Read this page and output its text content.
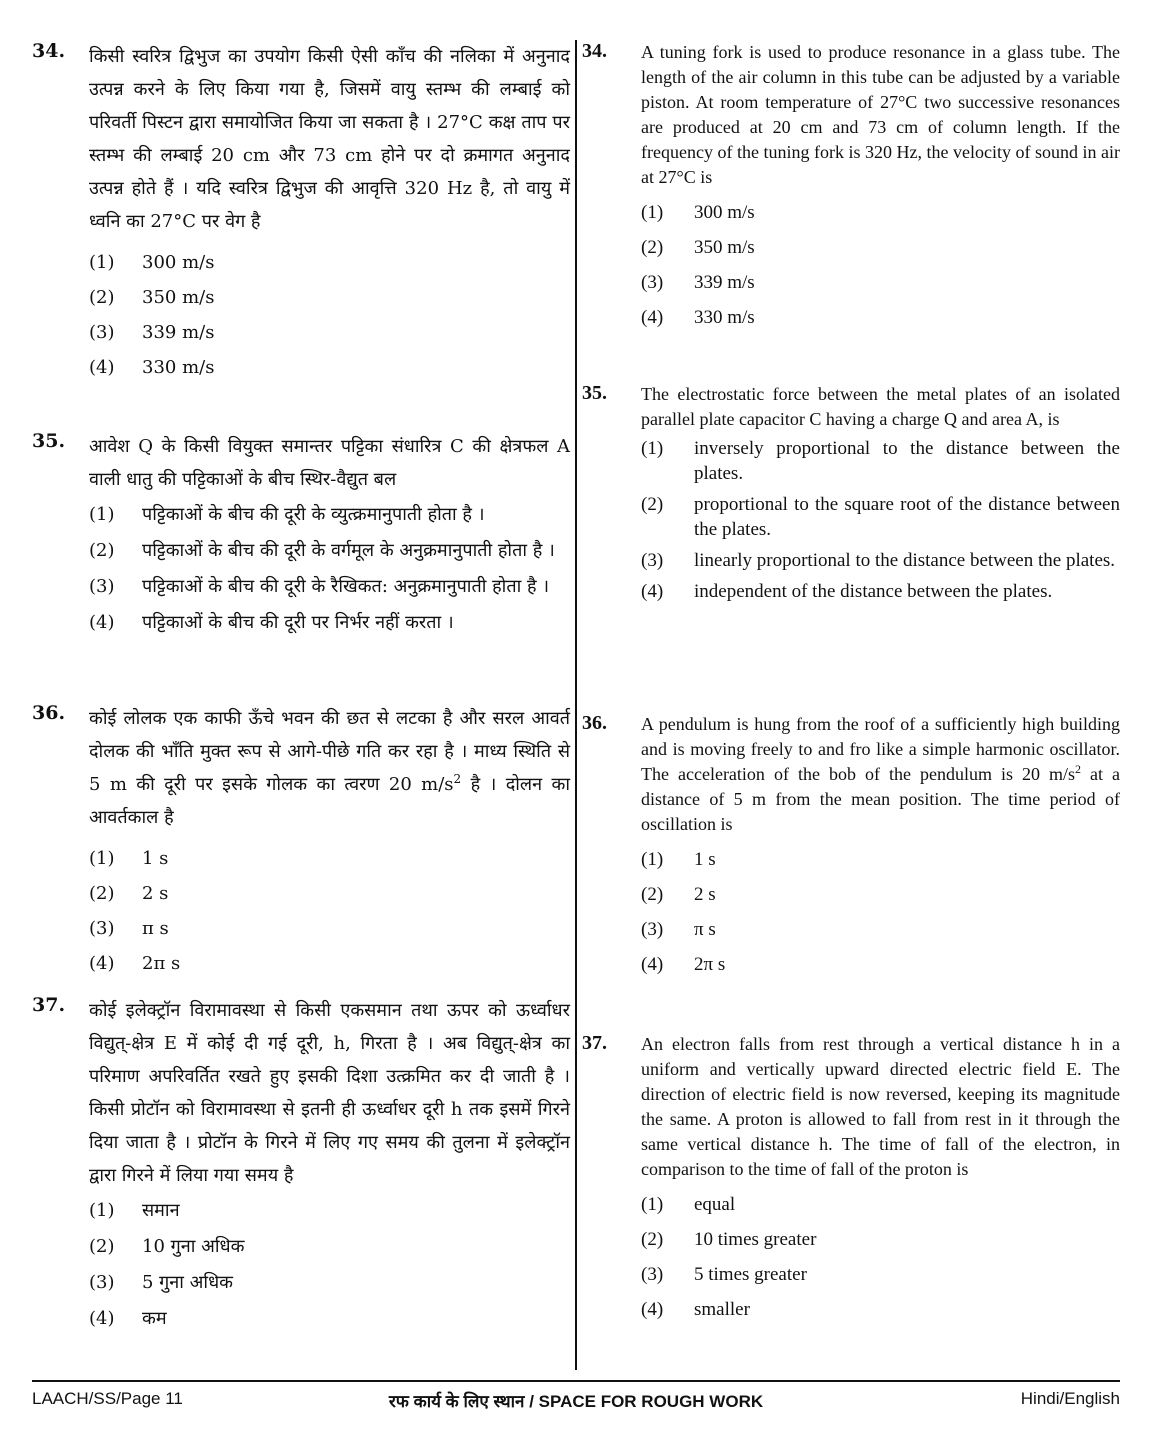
34. किसी स्वरित्र द्विभुज का उपयोग किसी ऐसी काँच की नलिका में अनुनाद उत्पन्न करने के लिए किया गया है, जिसमें वायु स्तम्भ की लम्बाई को परिवर्ती पिस्टन द्वारा समायोजित किया जा सकता है । 27°C कक्ष ताप पर स्तम्भ की लम्बाई 20 cm और 73 cm होने पर दो क्रमागत अनुनाद उत्पन्न होते हैं । यदि स्वरित्र द्विभुज की आवृत्ति 320 Hz है, तो वायु में ध्वनि का 27°C पर वेग है
(1)	300 m/s
(2)	350 m/s
(3)	339 m/s
(4)	330 m/s
35. आवेश Q के किसी वियुक्त समान्तर पट्टिका संधारित्र C की क्षेत्रफल A वाली धातु की पट्टिकाओं के बीच स्थिर-वैद्युत बल
(1)	पट्टिकाओं के बीच की दूरी के व्युत्क्रमानुपाती होता है ।
(2)	पट्टिकाओं के बीच की दूरी के वर्गमूल के अनुक्रमानुपाती होता है ।
(3)	पट्टिकाओं के बीच की दूरी के रैखिकत: अनुक्रमानुपाती होता है ।
(4)	पट्टिकाओं के बीच की दूरी पर निर्भर नहीं करता ।
36. कोई लोलक एक काफी ऊँचे भवन की छत से लटका है और सरल आवर्त दोलक की भाँति मुक्त रूप से आगे-पीछे गति कर रहा है । माध्य स्थिति से 5 m की दूरी पर इसके गोलक का त्वरण 20 $m/s^2$ है । दोलन का आवर्तकाल है
(1)	1 s
(2)	2 s
(3)	π s
(4)	2π s
37. कोई इलेक्ट्रॉन विरामावस्था से किसी एकसमान तथा ऊपर को ऊर्ध्वाधर विद्युत्-क्षेत्र E में कोई दी गई दूरी, h, गिरता है । अब विद्युत्-क्षेत्र का परिमाण अपरिवर्तित रखते हुए इसकी दिशा उत्क्रमित कर दी जाती है । किसी प्रोटॉन को विरामावस्था से इतनी ही ऊर्ध्वाधर दूरी h तक इसमें गिरने दिया जाता है । प्रोटॉन के गिरने में लिए गए समय की तुलना में इलेक्ट्रॉन द्वारा गिरने में लिया गया समय है
(1)	समान
(2)	10 गुना अधिक
(3)	5 गुना अधिक
(4)	कम
34. A tuning fork is used to produce resonance in a glass tube. The length of the air column in this tube can be adjusted by a variable piston. At room temperature of 27°C two successive resonances are produced at 20 cm and 73 cm of column length. If the frequency of the tuning fork is 320 Hz, the velocity of sound in air at 27°C is
(1)	300 m/s
(2)	350 m/s
(3)	339 m/s
(4)	330 m/s
35. The electrostatic force between the metal plates of an isolated parallel plate capacitor C having a charge Q and area A, is
(1)	inversely proportional to the distance between the plates.
(2)	proportional to the square root of the distance between the plates.
(3)	linearly proportional to the distance between the plates.
(4)	independent of the distance between the plates.
36. A pendulum is hung from the roof of a sufficiently high building and is moving freely to and fro like a simple harmonic oscillator. The acceleration of the bob of the pendulum is 20 $m/s^2$ at a distance of 5 m from the mean position. The time period of oscillation is
(1)	1 s
(2)	2 s
(3)	π s
(4)	2π s
37. An electron falls from rest through a vertical distance h in a uniform and vertically upward directed electric field E. The direction of electric field is now reversed, keeping its magnitude the same. A proton is allowed to fall from rest in it through the same vertical distance h. The time of fall of the electron, in comparison to the time of fall of the proton is
(1)	equal
(2)	10 times greater
(3)	5 times greater
(4)	smaller
LAACH/SS/Page 11	रफ कार्य के लिए स्थान / SPACE FOR ROUGH WORK	Hindi/English
